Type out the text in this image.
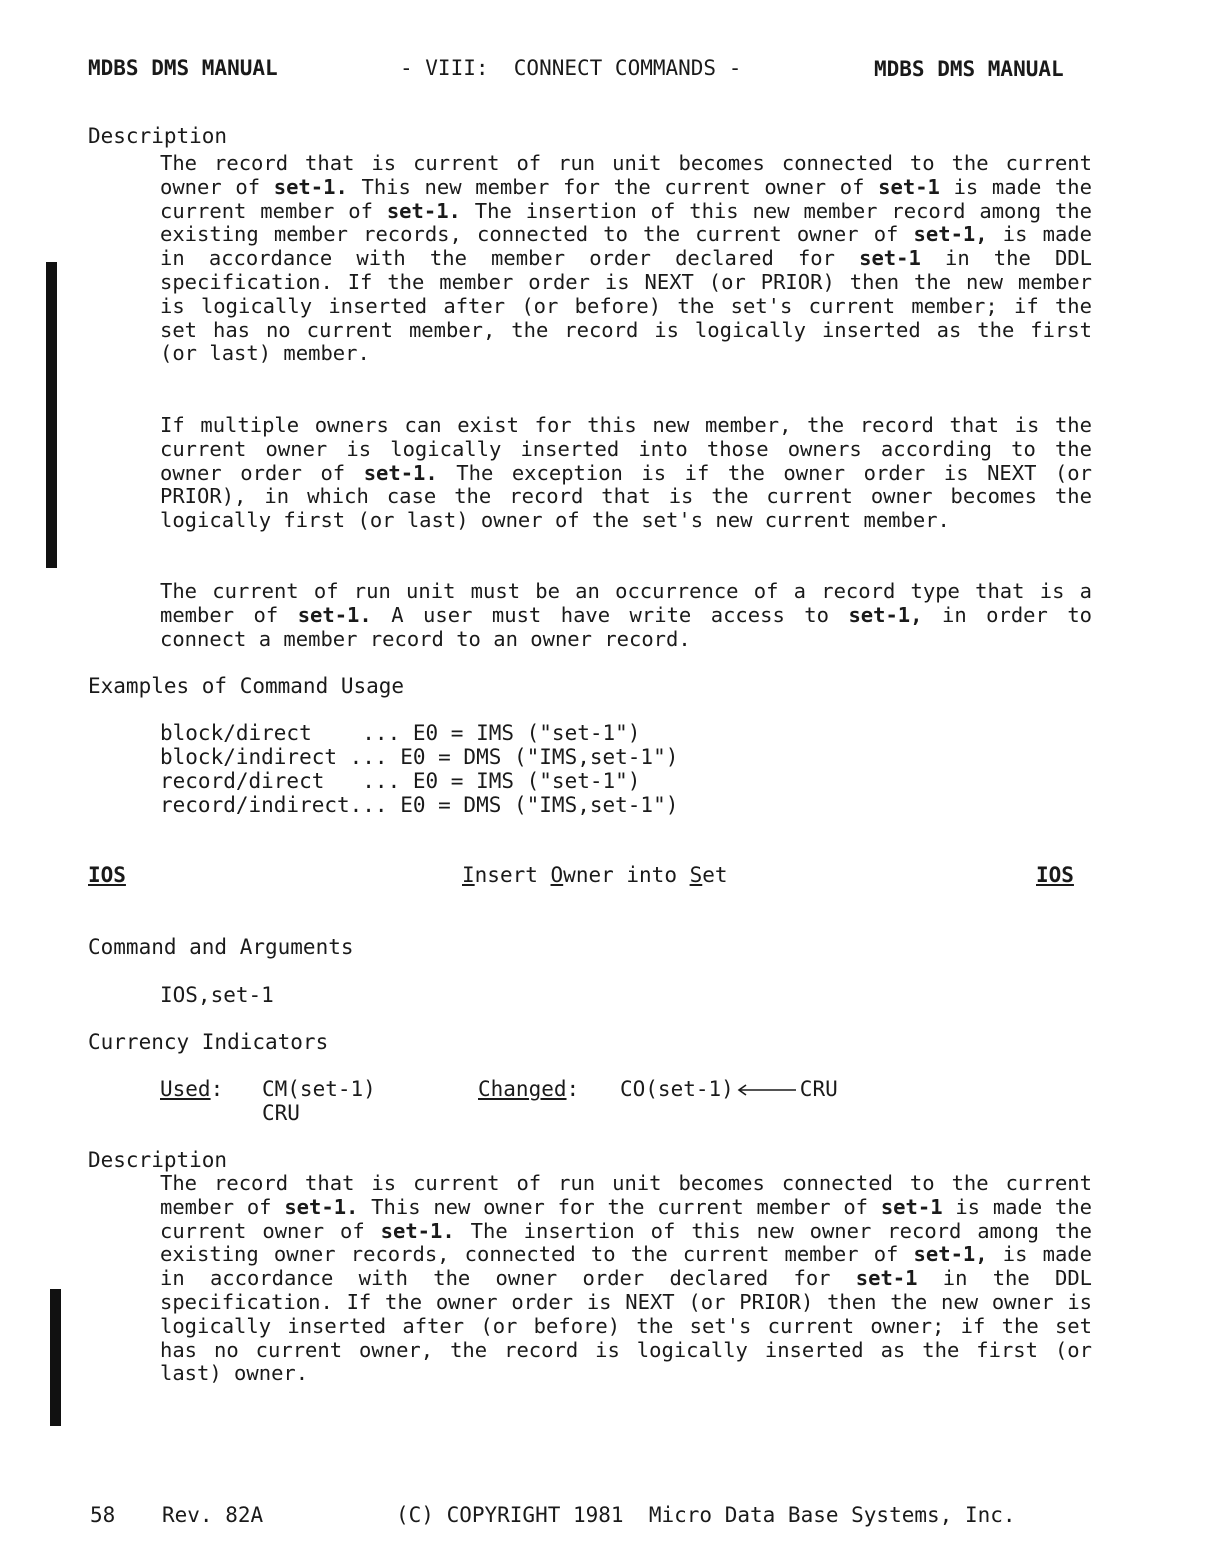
MDBS DMS MANUAL	- VIII:  CONNECT COMMANDS -	MDBS DMS MANUAL
Description
The record that is current of run unit becomes connected to the current owner of set-1. This new member for the current owner of set-1 is made the current member of set-1. The insertion of this new member record among the existing member records, connected to the current owner of set-1, is made in accordance with the member order declared for set-1 in the DDL specification. If the member order is NEXT (or PRIOR) then the new member is logically inserted after (or before) the set's current member; if the set has no current member, the record is logically inserted as the first (or last) member.
If multiple owners can exist for this new member, the record that is the current owner is logically inserted into those owners according to the owner order of set-1. The exception is if the owner order is NEXT (or PRIOR), in which case the record that is the current owner becomes the logically first (or last) owner of the set's new current member.
The current of run unit must be an occurrence of a record type that is a member of set-1. A user must have write access to set-1, in order to connect a member record to an owner record.
Examples of Command Usage
block/direct    ... E0 = IMS ("set-1")
block/indirect ... E0 = DMS ("IMS,set-1")
record/direct   ... E0 = IMS ("set-1")
record/indirect... E0 = DMS ("IMS,set-1")
IOS	Insert Owner into Set	IOS
Command and Arguments
IOS,set-1
Currency Indicators
Used: CM(set-1)
CRU
Changed: CO(set-1)	CRU
Description
The record that is current of run unit becomes connected to the current member of set-1. This new owner for the current member of set-1 is made the current owner of set-1. The insertion of this new owner record among the existing owner records, connected to the current member of set-1, is made in accordance with the owner order declared for set-1 in the DDL specification. If the owner order is NEXT (or PRIOR) then the new owner is logically inserted after (or before) the set's current owner; if the set has no current owner, the record is logically inserted as the first (or last) owner.
58 Rev. 82A	(C) COPYRIGHT 1981  Micro Data Base Systems, Inc.
